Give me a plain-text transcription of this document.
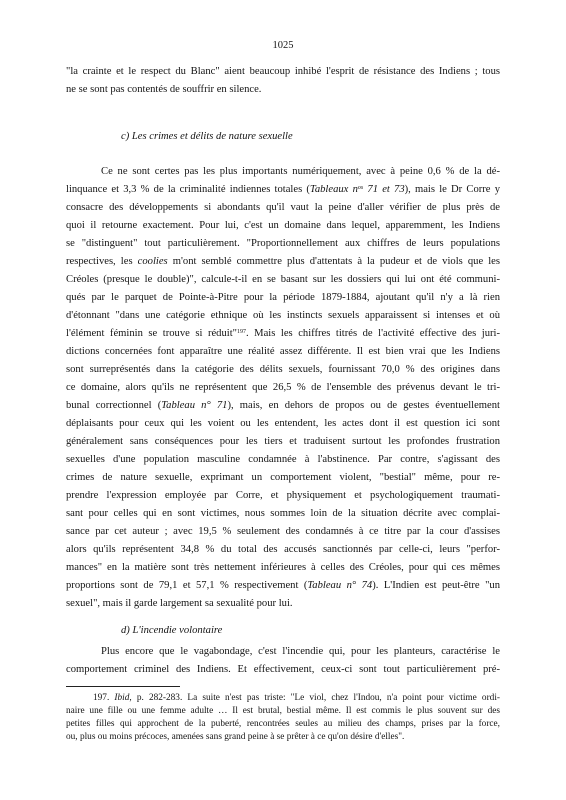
1025
"la crainte et le respect du Blanc" aient beaucoup inhibé l'esprit de résistance des Indiens ; tous
ne se sont pas contentés de souffrir en silence.
c) Les crimes et délits de nature sexuelle
Ce ne sont certes pas les plus importants numériquement, avec à peine 0,6 % de la dé-
linquance et 3,3 % de la criminalité indiennes totales (Tableaux $n^{os}$ 71 et 73), mais le Dr Corre y
consacre des développements si abondants qu'il vaut la peine d'aller vérifier de plus près de
quoi il retourne exactement. Pour lui, c'est un domaine dans lequel, apparemment, les Indiens
se "distinguent" tout particulièrement. "Proportionnellement aux chiffres de leurs populations
respectives, les coolies m'ont semblé commettre plus d'attentats à la pudeur et de viols que les
Créoles (presque le double)", calcule-t-il en se basant sur les dossiers qui lui ont été communi-
qués par le parquet de Pointe-à-Pitre pour la période 1879-1884, ajoutant qu'il n'y a là rien
d'étonnant "dans une catégorie ethnique où les instincts sexuels apparaissent si intenses et où
l'élément féminin se trouve si réduit"$^{197}$. Mais les chiffres titrés de l'activité effective des juri-
dictions concernées font apparaître une réalité assez différente. Il est bien vrai que les Indiens
sont surreprésentés dans la catégorie des délits sexuels, fournissant 70,0 % des origines dans
ce domaine, alors qu'ils ne représentent que 26,5 % de l'ensemble des prévenus devant le tri-
bunal correctionnel (Tableau n° 71), mais, en dehors de propos ou de gestes éventuellement
déplaisants pour ceux qui les voient ou les entendent, les actes dont il est question ici sont
généralement sans conséquences pour les tiers et traduisent surtout les profondes frustration
sexuelles d'une population masculine condamnée à l'abstinence. Par contre, s'agissant des
crimes de nature sexuelle, exprimant un comportement violent, "bestial" même, pour re-
prendre l'expression employée par Corre, et physiquement et psychologiquement traumati-
sant pour celles qui en sont victimes, nous sommes loin de la situation décrite avec complai-
sance par cet auteur ; avec 19,5 % seulement des condamnés à ce titre par la cour d'assises
alors qu'ils représentent 34,8 % du total des accusés sanctionnés par celle-ci, leurs "perfor-
mances" en la matière sont très nettement inférieures à celles des Créoles, pour qui ces mêmes
proportions sont de 79,1 et 57,1 % respectivement (Tableau n° 74). L'Indien est peut-être "un
sexuel", mais il garde largement sa sexualité pour lui.
d) L'incendie volontaire
Plus encore que le vagabondage, c'est l'incendie qui, pour les planteurs, caractérise le
comportement criminel des Indiens. Et effectivement, ceux-ci sont tout particulièrement pré-
197. Ibid, p. 282-283. La suite n'est pas triste: "Le viol, chez l'Indou, n'a point pour victime ordi-
naire une fille ou une femme adulte … Il est brutal, bestial même. Il est commis le plus souvent sur des
petites filles qui approchent de la puberté, rencontrées seules au milieu des champs, prises par la force,
ou, plus ou moins précoces, amenées sans grand peine à se prêter à ce qu'on désire d'elles".
